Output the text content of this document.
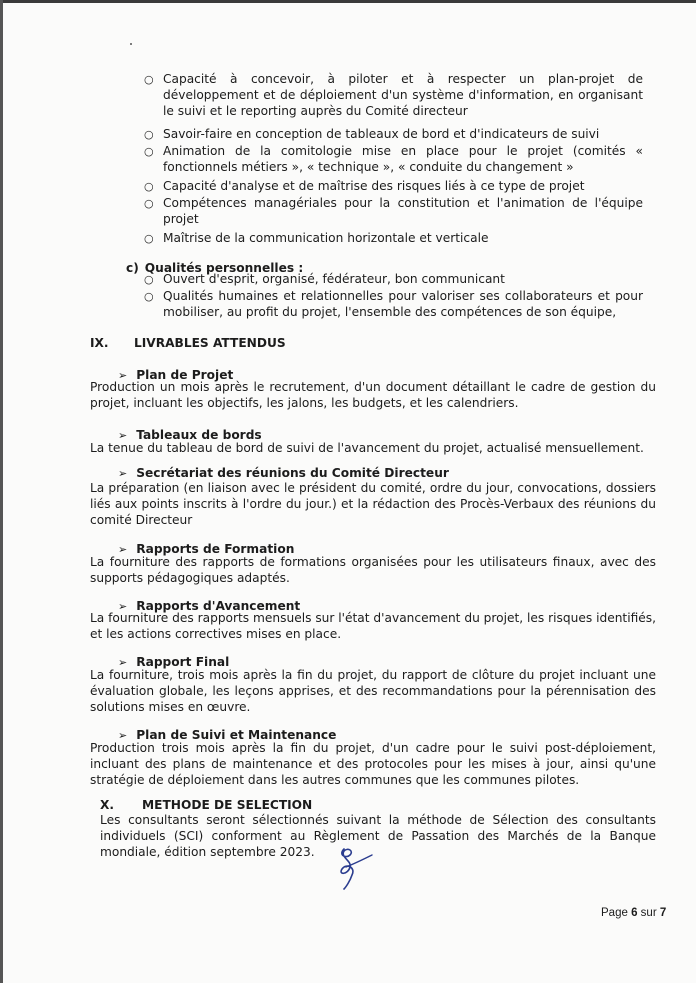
○ Capacité à concevoir, à piloter et à respecter un plan-projet de développement et de déploiement d'un système d'information, en organisant le suivi et le reporting auprès du Comité directeur
○ Savoir-faire en conception de tableaux de bord et d'indicateurs de suivi
○ Animation de la comitologie mise en place pour le projet (comités « fonctionnels métiers », « technique », « conduite du changement »
○ Capacité d'analyse et de maîtrise des risques liés à ce type de projet
○ Compétences managériales pour la constitution et l'animation de l'équipe projet
○ Maîtrise de la communication horizontale et verticale
c) Qualités personnelles :
○ Ouvert d'esprit, organisé, fédérateur, bon communicant
○ Qualités humaines et relationnelles pour valoriser ses collaborateurs et pour mobiliser, au profit du projet, l'ensemble des compétences de son équipe,
IX. LIVRABLES ATTENDUS
➢ Plan de Projet
Production un mois après le recrutement, d'un document détaillant le cadre de gestion du projet, incluant les objectifs, les jalons, les budgets, et les calendriers.
➢ Tableaux de bords
La tenue du tableau de bord de suivi de l'avancement du projet, actualisé mensuellement.
➢ Secrétariat des réunions du Comité Directeur
La préparation (en liaison avec le président du comité, ordre du jour, convocations, dossiers liés aux points inscrits à l'ordre du jour.) et la rédaction des Procès-Verbaux des réunions du comité Directeur
➢ Rapports de Formation
La fourniture des rapports de formations organisées pour les utilisateurs finaux, avec des supports pédagogiques adaptés.
➢ Rapports d'Avancement
La fourniture des rapports mensuels sur l'état d'avancement du projet, les risques identifiés, et les actions correctives mises en place.
➢ Rapport Final
La fourniture, trois mois après la fin du projet, du rapport de clôture du projet incluant une évaluation globale, les leçons apprises, et des recommandations pour la pérennisation des solutions mises en œuvre.
➢ Plan de Suivi et Maintenance
Production trois mois après la fin du projet, d'un cadre pour le suivi post-déploiement, incluant des plans de maintenance et des protocoles pour les mises à jour, ainsi qu'une stratégie de déploiement dans les autres communes que les communes pilotes.
X. METHODE DE SELECTION
Les consultants seront sélectionnés suivant la méthode de Sélection des consultants individuels (SCI) conforment au Règlement de Passation des Marchés de la Banque mondiale, édition septembre 2023.
Page 6 sur 7
